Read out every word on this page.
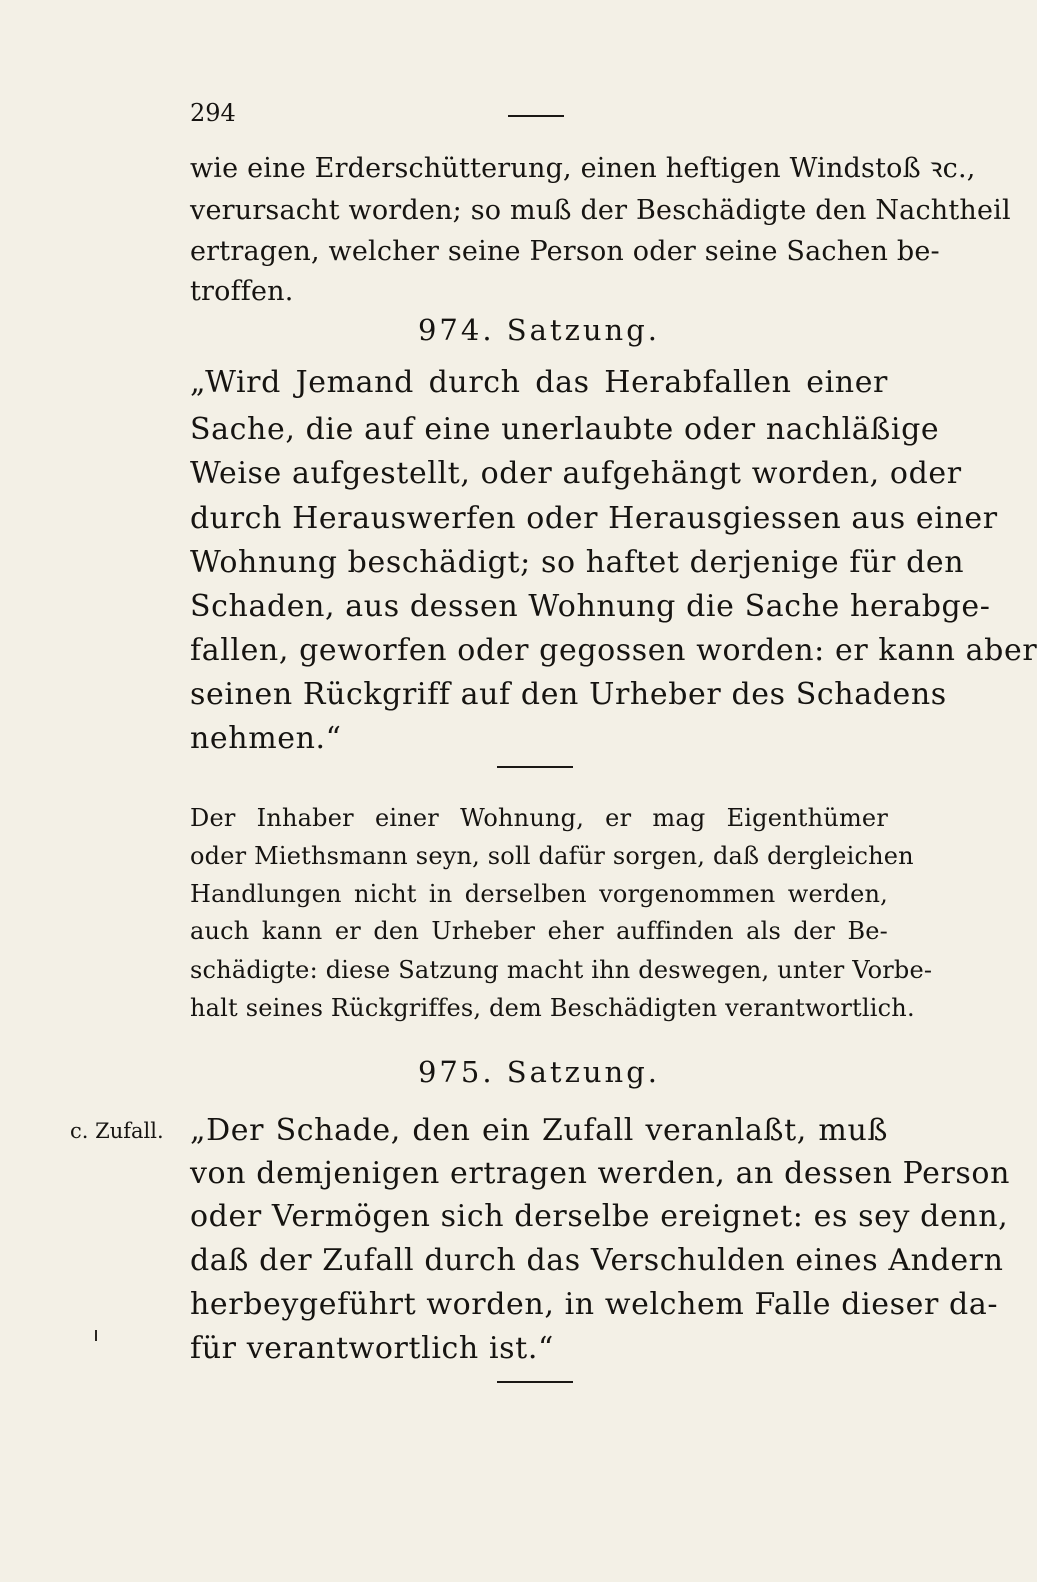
294
wie eine Erderschütterung, einen heftigen Windstoß ꝛc.,
verursacht worden; so muß der Beschädigte den Nachtheil
ertragen, welcher seine Person oder seine Sachen be-
troffen.
974. Satzung.
„Wird Jemand durch das Herabfallen einer
Sache, die auf eine unerlaubte oder nachläßige
Weise aufgestellt, oder aufgehängt worden, oder
durch Herauswerfen oder Herausgiessen aus einer
Wohnung beschädigt; so haftet derjenige für den
Schaden, aus dessen Wohnung die Sache herabge-
fallen, geworfen oder gegossen worden: er kann aber
seinen Rückgriff auf den Urheber des Schadens
nehmen.“
Der Inhaber einer Wohnung, er mag Eigenthümer
oder Miethsmann seyn, soll dafür sorgen, daß dergleichen
Handlungen nicht in derselben vorgenommen werden,
auch kann er den Urheber eher auffinden als der Be-
schädigte: diese Satzung macht ihn deswegen, unter Vorbe-
halt seines Rückgriffes, dem Beschädigten verantwortlich.
975. Satzung.
c. Zufall. „Der Schade, den ein Zufall veranlaßt, muß
von demjenigen ertragen werden, an dessen Person
oder Vermögen sich derselbe ereignet: es sey denn,
daß der Zufall durch das Verschulden eines Andern
herbeygeführt worden, in welchem Falle dieser da-
für verantwortlich ist.“
